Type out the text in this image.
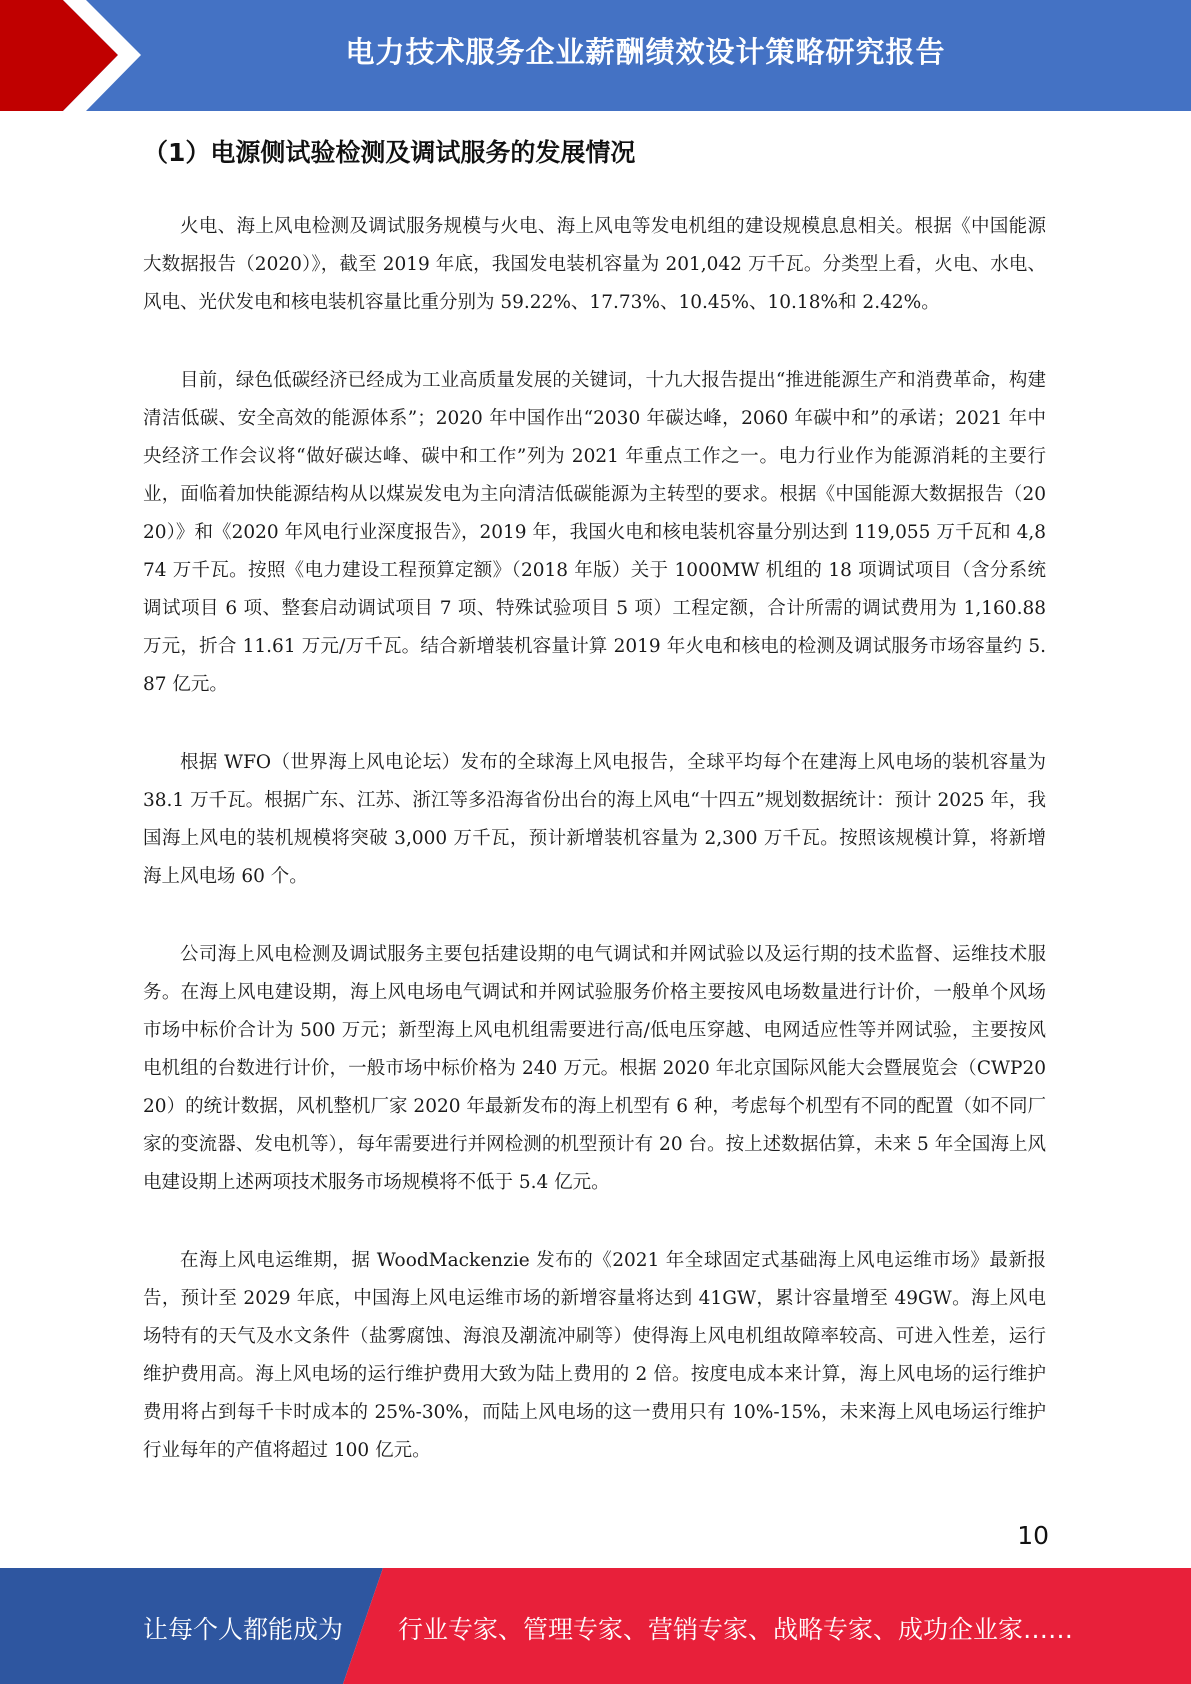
电力技术服务企业薪酬绩效设计策略研究报告
（1）电源侧试验检测及调试服务的发展情况

火电、海上风电检测及调试服务规模与火电、海上风电等发电机组的建设规模息息相关。根据《中国能源大数据报告（2020）》，截至 2019 年底，我国发电装机容量为 201,042 万千瓦。分类型上看，火电、水电、风电、光伏发电和核电装机容量比重分别为 59.22%、17.73%、10.45%、10.18%和 2.42%。

目前，绿色低碳经济已经成为工业高质量发展的关键词，十九大报告提出“推进能源生产和消费革命，构建清洁低碳、安全高效的能源体系”；2020 年中国作出“2030 年碳达峰，2060 年碳中和”的承诺；2021 年中央经济工作会议将“做好碳达峰、碳中和工作”列为 2021 年重点工作之一。电力行业作为能源消耗的主要行业，面临着加快能源结构从以煤炭发电为主向清洁低碳能源为主转型的要求。根据《中国能源大数据报告（2020）》和《2020 年风电行业深度报告》，2019 年，我国火电和核电装机容量分别达到 119,055 万千瓦和 4,874 万千瓦。按照《电力建设工程预算定额》（2018 年版）关于 1000MW 机组的 18 项调试项目（含分系统调试项目 6 项、整套启动调试项目 7 项、特殊试验项目 5 项）工程定额，合计所需的调试费用为 1,160.88 万元，折合 11.61 万元/万千瓦。结合新增装机容量计算 2019 年火电和核电的检测及调试服务市场容量约 5.87 亿元。

根据 WFO（世界海上风电论坛）发布的全球海上风电报告，全球平均每个在建海上风电场的装机容量为 38.1 万千瓦。根据广东、江苏、浙江等多沿海省份出台的海上风电“十四五”规划数据统计：预计 2025 年，我国海上风电的装机规模将突破 3,000 万千瓦，预计新增装机容量为 2,300 万千瓦。按照该规模计算，将新增海上风电场 60 个。

公司海上风电检测及调试服务主要包括建设期的电气调试和并网试验以及运行期的技术监督、运维技术服务。在海上风电建设期，海上风电场电气调试和并网试验服务价格主要按风电场数量进行计价，一般单个风场市场中标价合计为 500 万元；新型海上风电机组需要进行高/低电压穿越、电网适应性等并网试验，主要按风电机组的台数进行计价，一般市场中标价格为 240 万元。根据 2020 年北京国际风能大会暨展览会（CWP2020）的统计数据，风机整机厂家 2020 年最新发布的海上机型有 6 种，考虑每个机型有不同的配置（如不同厂家的变流器、发电机等），每年需要进行并网检测的机型预计有 20 台。按上述数据估算，未来 5 年全国海上风电建设期上述两项技术服务市场规模将不低于 5.4 亿元。

在海上风电运维期，据 WoodMackenzie 发布的《2021 年全球固定式基础海上风电运维市场》最新报告，预计至 2029 年底，中国海上风电运维市场的新增容量将达到 41GW，累计容量增至 49GW。海上风电场特有的天气及水文条件（盐雾腐蚀、海浪及潮流冲刷等）使得海上风电机组故障率较高、可进入性差，运行维护费用高。海上风电场的运行维护费用大致为陆上费用的 2 倍。按度电成本来计算，海上风电场的运行维护费用将占到每千卡时成本的 25%-30%，而陆上风电场的这一费用只有 10%-15%，未来海上风电场运行维护行业每年的产值将超过 100 亿元。

10
让每个人都能成为 行业专家、管理专家、营销专家、战略专家、成功企业家……
